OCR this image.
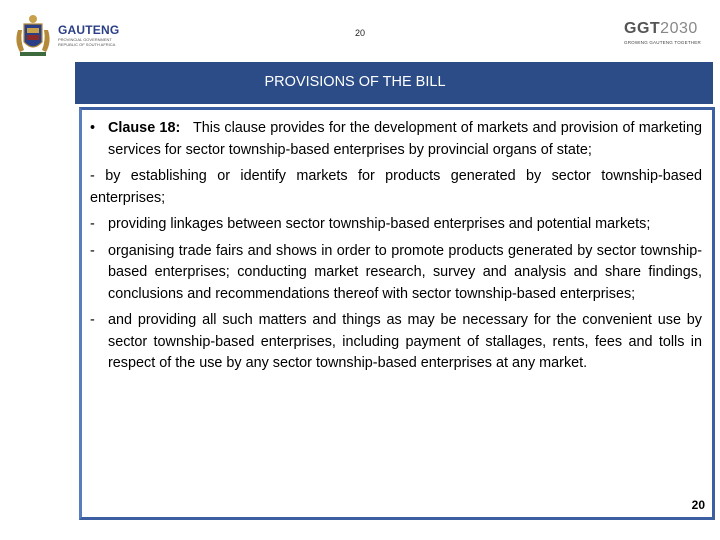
20
GAUTENG
PROVINCIAL GOVERNMENT
REPUBLIC OF SOUTH AFRICA
GGT2030
GROWING GAUTENG TOGETHER
PROVISIONS OF THE BILL

• Clause 18: This clause provides for the development of markets and provision of marketing services for sector township-based enterprises by provincial organs of state;

- by establishing or identify markets for products generated by sector township-based enterprises;

- providing linkages between sector township-based enterprises and potential markets;

- organising trade fairs and shows in order to promote products generated by sector township-based enterprises; conducting market research, survey and analysis and share findings, conclusions and recommendations thereof with sector township-based enterprises;

- and providing all such matters and things as may be necessary for the convenient use by sector township-based enterprises, including payment of stallages, rents, fees and tolls in respect of the use by any sector township-based enterprises at any market.

20
